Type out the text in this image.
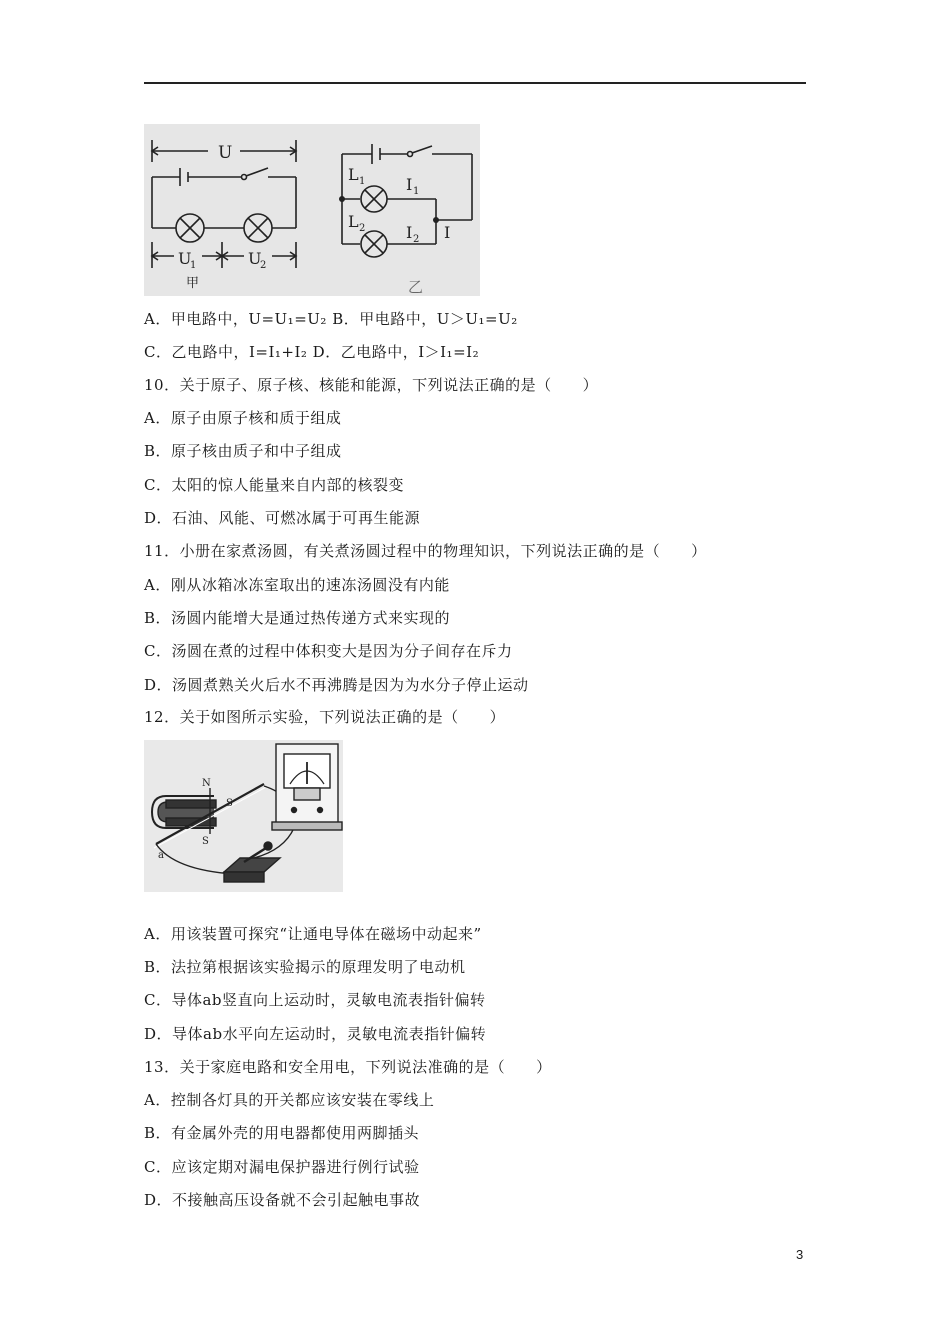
U
U
1	U
2
甲
L 1
L 2
I 1
I 2 I
乙
A．甲电路中，U=U₁=U₂ B．甲电路中，U＞U₁=U₂
C．乙电路中，I=I₁+I₂ D．乙电路中，I＞I₁=I₂
10．关于原子、原子核、核能和能源，下列说法正确的是（　　）
A．原子由原子核和质于组成
B．原子核由质子和中子组成
C．太阳的惊人能量来自内部的核裂变
D．石油、风能、可燃冰属于可再生能源
11．小册在家煮汤圆，有关煮汤圆过程中的物理知识，下列说法正确的是（　　）
A．刚从冰箱冰冻室取出的速冻汤圆没有内能
B．汤圆内能增大是通过热传递方式来实现的
C．汤圆在煮的过程中体积变大是因为分子间存在斥力
D．汤圆煮熟关火后水不再沸腾是因为为水分子停止运动
12．关于如图所示实验，下列说法正确的是（　　）
N
S
S
a
A．用该装置可探究“让通电导体在磁场中动起来”
B．法拉第根据该实验揭示的原理发明了电动机
C．导体ab竖直向上运动时，灵敏电流表指针偏转
D．导体ab水平向左运动时，灵敏电流表指针偏转
13．关于家庭电路和安全用电，下列说法准确的是（　　）
A．控制各灯具的开关都应该安装在零线上
B．有金属外壳的用电器都使用两脚插头
C．应该定期对漏电保护器进行例行试验
D．不接触高压设备就不会引起触电事故
3
